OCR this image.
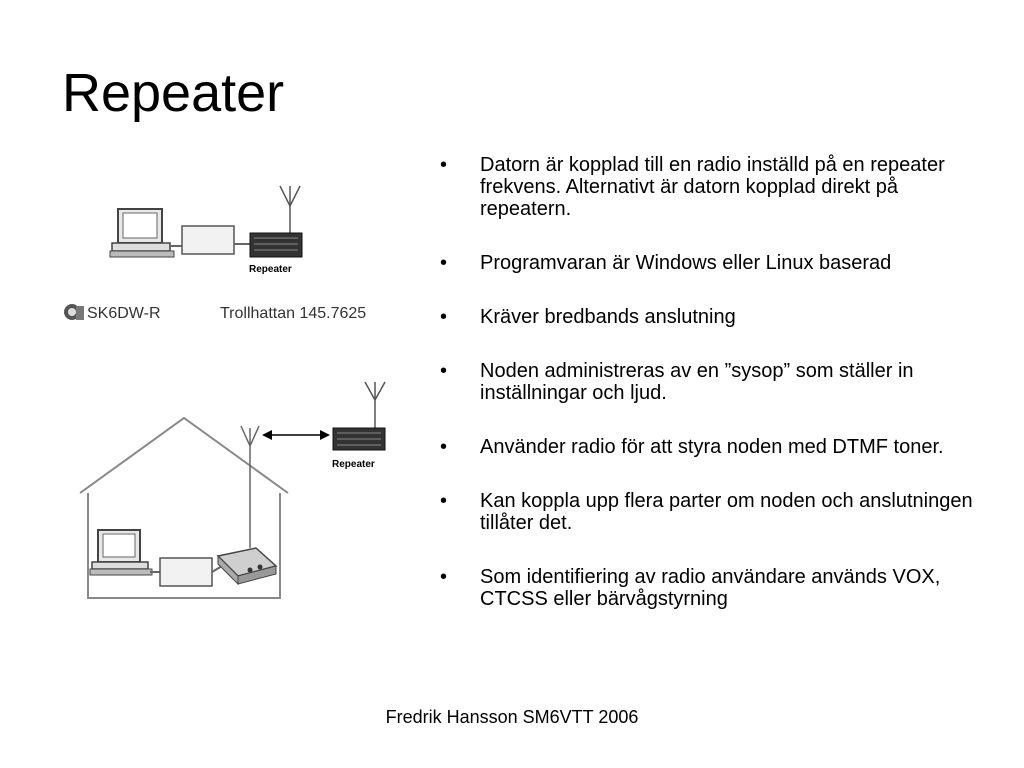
Repeater
Repeater
SK6DW-R	Trollhattan 145.7625
Repeater
•	Datorn är kopplad till en radio inställd på en repeater frekvens. Alternativt är datorn kopplad direkt på repeatern.
•	Programvaran är Windows eller Linux baserad
•	Kräver bredbands anslutning
•	Noden administreras av en ”sysop” som ställer in inställningar och ljud.
•	Använder radio för att styra noden med DTMF toner.
•	Kan koppla upp flera parter om noden och anslutningen tillåter det.
•	Som identifiering av radio användare används VOX, CTCSS eller bärvågstyrning
Fredrik Hansson SM6VTT 2006
